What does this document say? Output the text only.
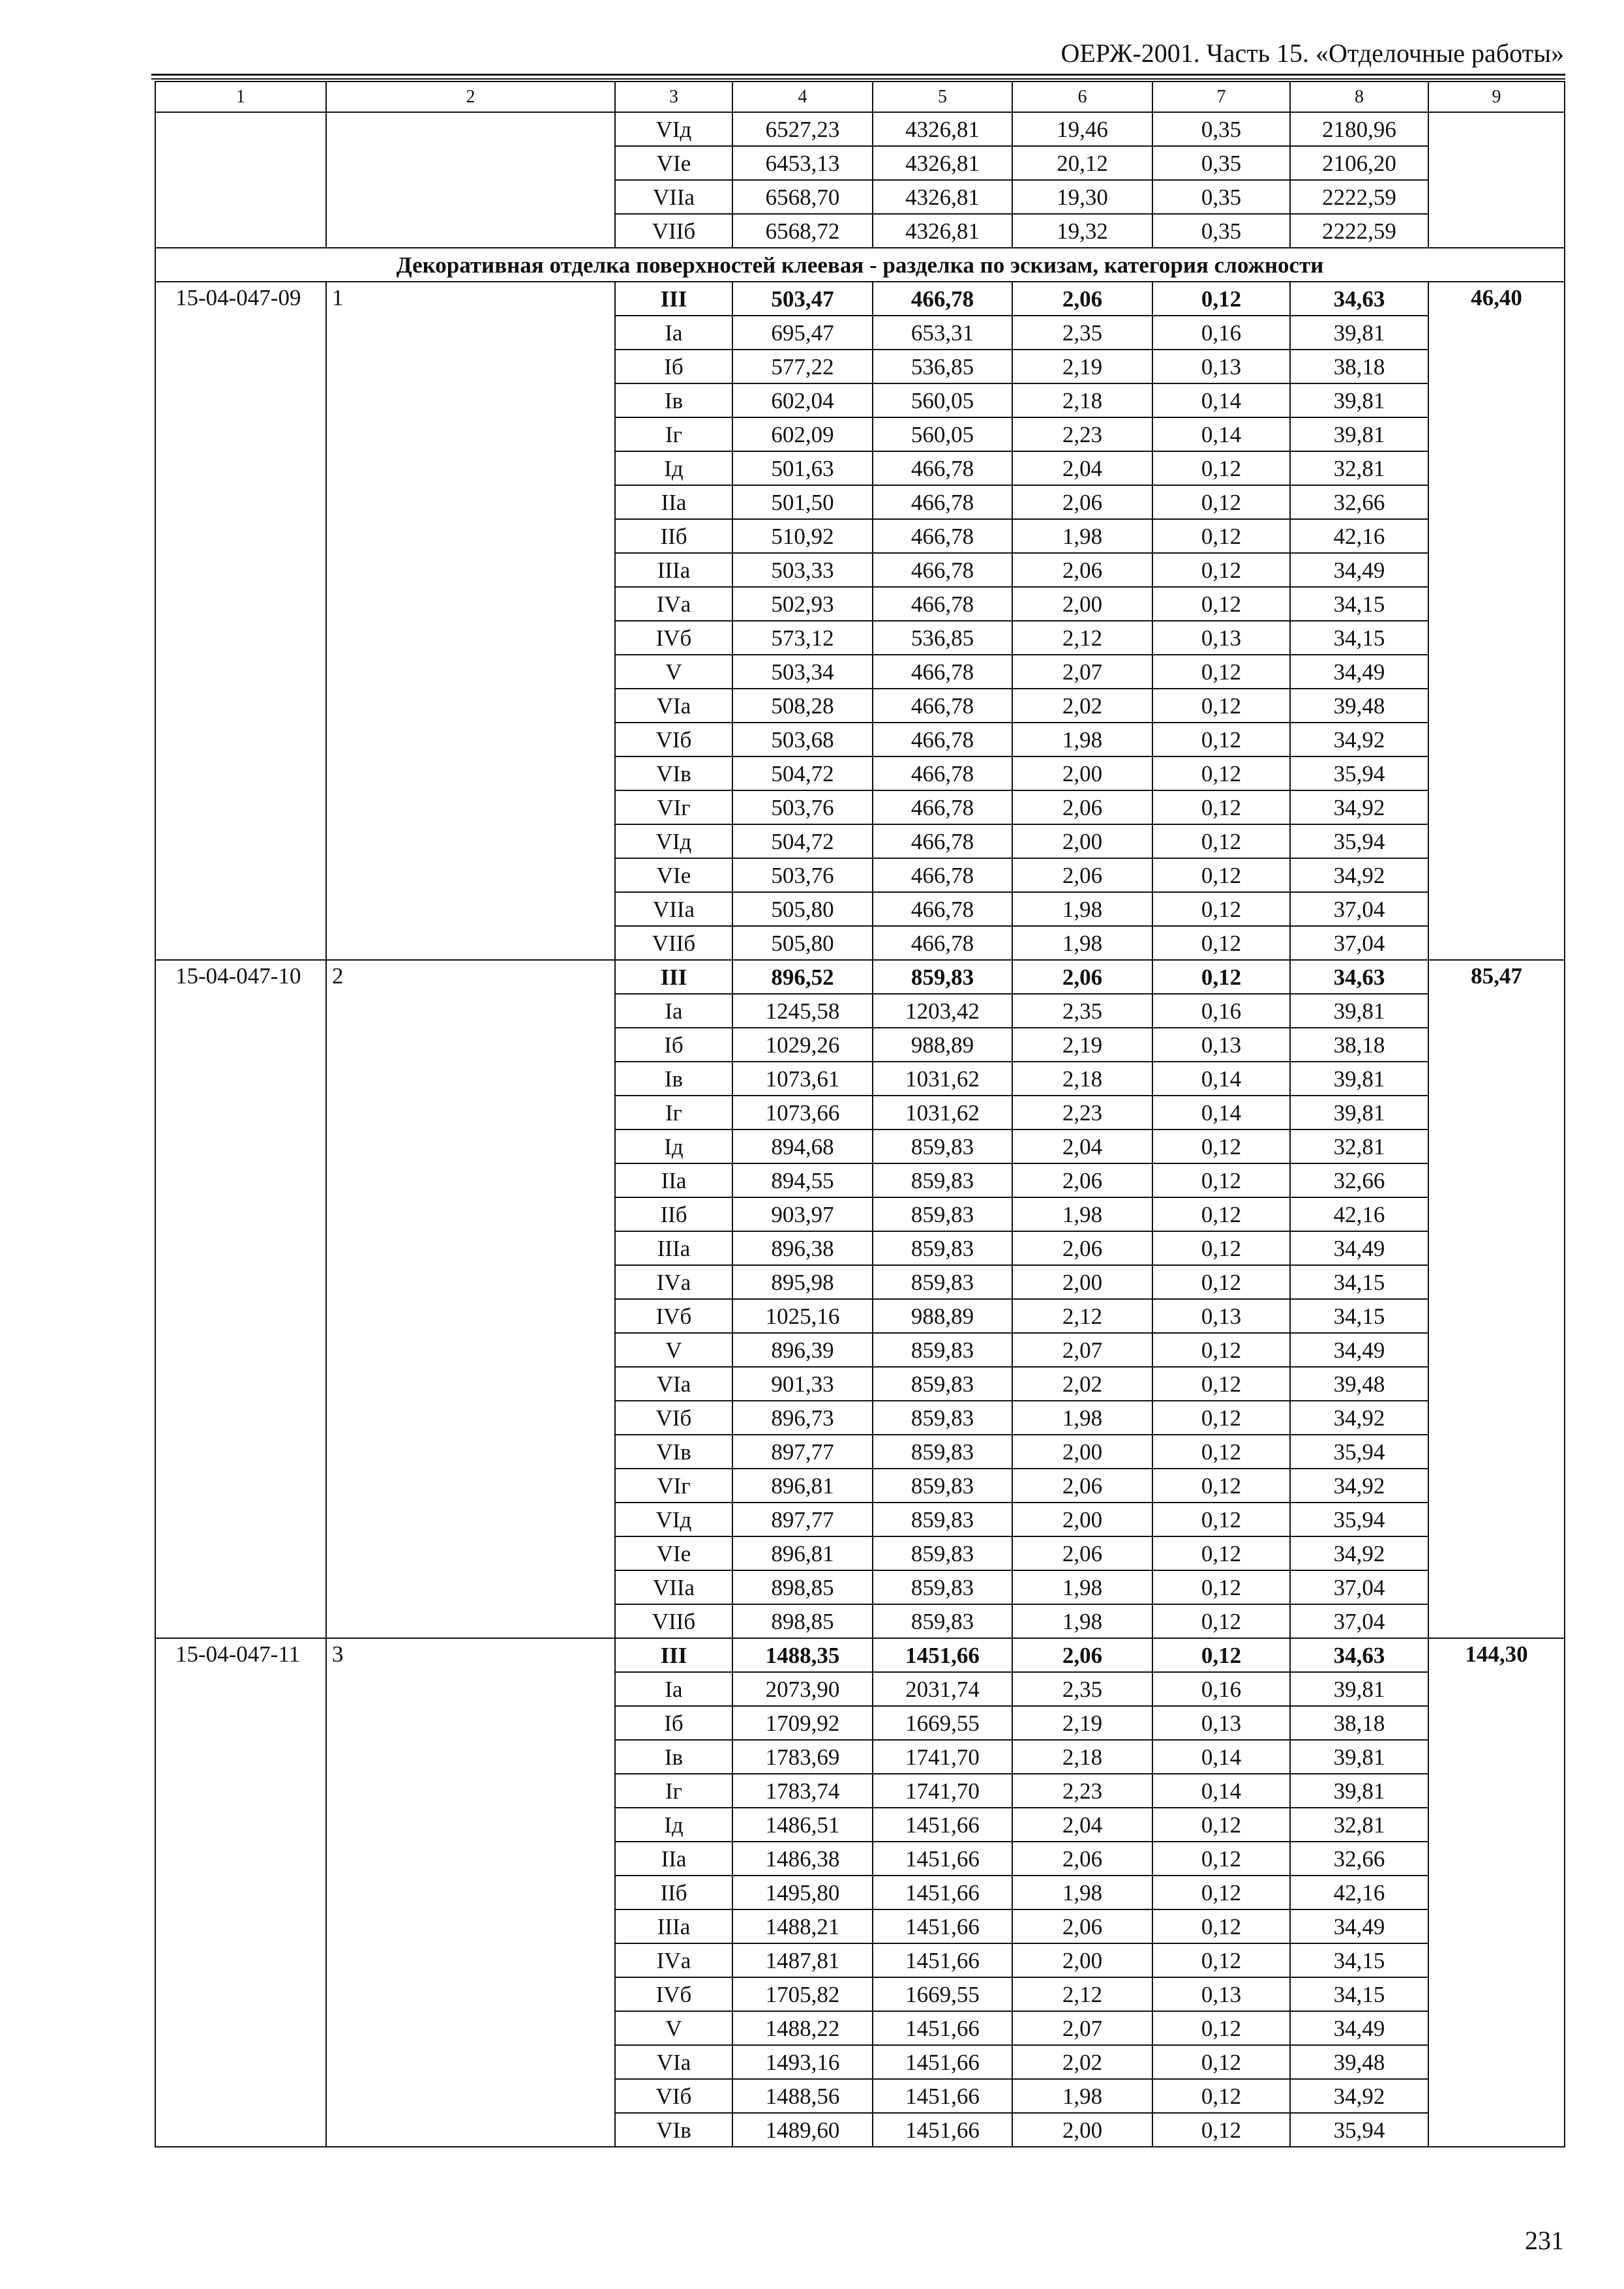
ОЕРЖ-2001. Часть 15. «Отделочные работы»
1	2	3	4	5	6	7	8	9
		VIд	6527,23	4326,81	19,46	0,35	2180,96	
		VIе	6453,13	4326,81	20,12	0,35	2106,20	
		VIIа	6568,70	4326,81	19,30	0,35	2222,59	
		VIIб	6568,72	4326,81	19,32	0,35	2222,59	
Декоративная отделка поверхностей клеевая - разделка по эскизам, категория сложности								
15-04-047-09	1	III	503,47	466,78	2,06	0,12	34,63	46,40
		Iа	695,47	653,31	2,35	0,16	39,81	
		Iб	577,22	536,85	2,19	0,13	38,18	
		Iв	602,04	560,05	2,18	0,14	39,81	
		Iг	602,09	560,05	2,23	0,14	39,81	
		Iд	501,63	466,78	2,04	0,12	32,81	
		IIа	501,50	466,78	2,06	0,12	32,66	
		IIб	510,92	466,78	1,98	0,12	42,16	
		IIIа	503,33	466,78	2,06	0,12	34,49	
		IVа	502,93	466,78	2,00	0,12	34,15	
		IVб	573,12	536,85	2,12	0,13	34,15	
		V	503,34	466,78	2,07	0,12	34,49	
		VIа	508,28	466,78	2,02	0,12	39,48	
		VIб	503,68	466,78	1,98	0,12	34,92	
		VIв	504,72	466,78	2,00	0,12	35,94	
		VIг	503,76	466,78	2,06	0,12	34,92	
		VIд	504,72	466,78	2,00	0,12	35,94	
		VIе	503,76	466,78	2,06	0,12	34,92	
		VIIа	505,80	466,78	1,98	0,12	37,04	
		VIIб	505,80	466,78	1,98	0,12	37,04	
15-04-047-10	2	III	896,52	859,83	2,06	0,12	34,63	85,47
		Iа	1245,58	1203,42	2,35	0,16	39,81	
		Iб	1029,26	988,89	2,19	0,13	38,18	
		Iв	1073,61	1031,62	2,18	0,14	39,81	
		Iг	1073,66	1031,62	2,23	0,14	39,81	
		Iд	894,68	859,83	2,04	0,12	32,81	
		IIа	894,55	859,83	2,06	0,12	32,66	
		IIб	903,97	859,83	1,98	0,12	42,16	
		IIIа	896,38	859,83	2,06	0,12	34,49	
		IVа	895,98	859,83	2,00	0,12	34,15	
		IVб	1025,16	988,89	2,12	0,13	34,15	
		V	896,39	859,83	2,07	0,12	34,49	
		VIа	901,33	859,83	2,02	0,12	39,48	
		VIб	896,73	859,83	1,98	0,12	34,92	
		VIв	897,77	859,83	2,00	0,12	35,94	
		VIг	896,81	859,83	2,06	0,12	34,92	
		VIд	897,77	859,83	2,00	0,12	35,94	
		VIе	896,81	859,83	2,06	0,12	34,92	
		VIIа	898,85	859,83	1,98	0,12	37,04	
		VIIб	898,85	859,83	1,98	0,12	37,04	
15-04-047-11	3	III	1488,35	1451,66	2,06	0,12	34,63	144,30
		Iа	2073,90	2031,74	2,35	0,16	39,81	
		Iб	1709,92	1669,55	2,19	0,13	38,18	
		Iв	1783,69	1741,70	2,18	0,14	39,81	
		Iг	1783,74	1741,70	2,23	0,14	39,81	
		Iд	1486,51	1451,66	2,04	0,12	32,81	
		IIа	1486,38	1451,66	2,06	0,12	32,66	
		IIб	1495,80	1451,66	1,98	0,12	42,16	
		IIIа	1488,21	1451,66	2,06	0,12	34,49	
		IVа	1487,81	1451,66	2,00	0,12	34,15	
		IVб	1705,82	1669,55	2,12	0,13	34,15	
		V	1488,22	1451,66	2,07	0,12	34,49	
		VIа	1493,16	1451,66	2,02	0,12	39,48	
		VIб	1488,56	1451,66	1,98	0,12	34,92	
		VIв	1489,60	1451,66	2,00	0,12	35,94	
231
